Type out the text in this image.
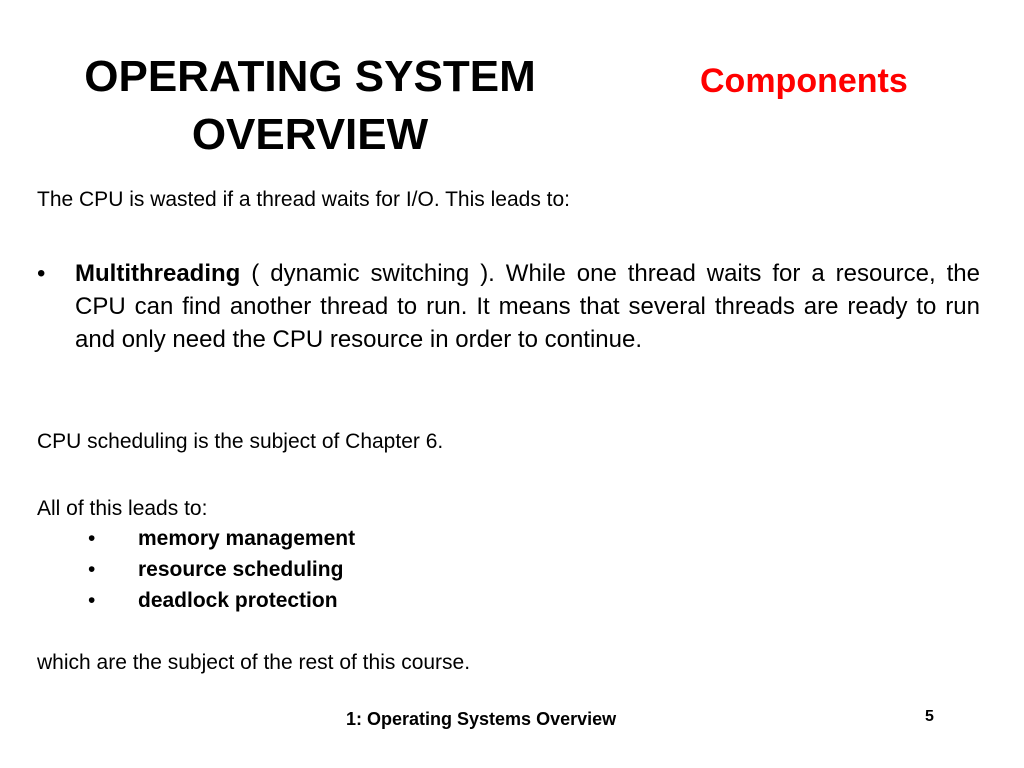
OPERATING SYSTEM
OVERVIEW
Components

The CPU is wasted if a thread waits for I/O. This leads to:

• Multithreading ( dynamic switching ). While one thread waits for a resource, the CPU can find another thread to run. It means that several threads are ready to run and only need the CPU resource in order to continue.

CPU scheduling is the subject of Chapter 6.

All of this leads to:

• memory management
• resource scheduling
• deadlock protection

which are the subject of the rest of this course.

1: Operating Systems Overview	5
